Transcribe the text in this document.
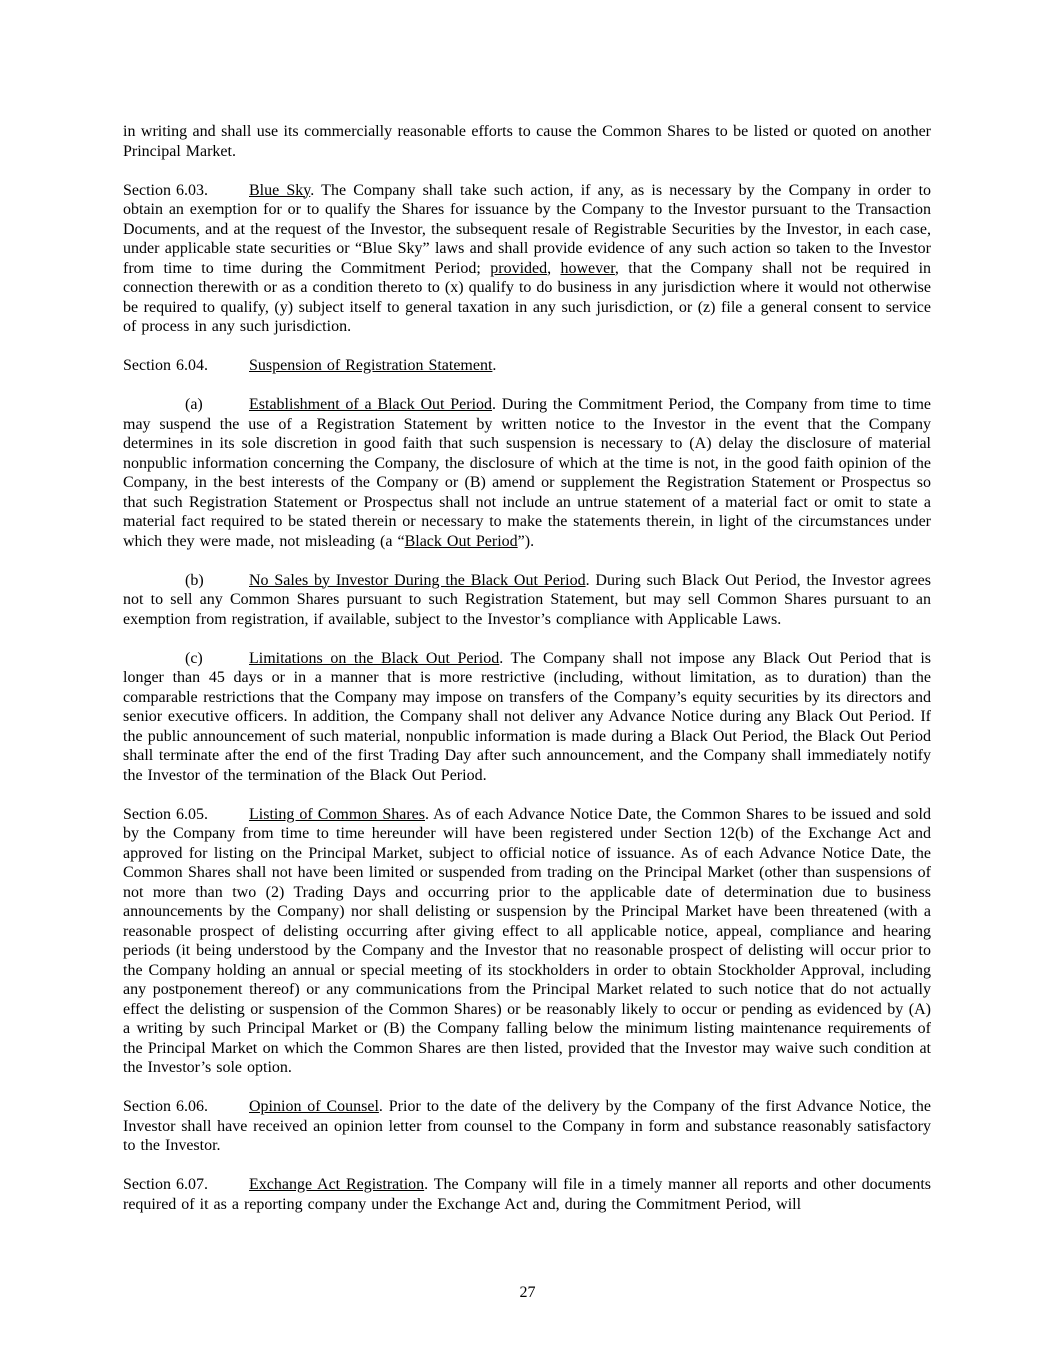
in writing and shall use its commercially reasonable efforts to cause the Common Shares to be listed or quoted on another Principal Market.

Section 6.03.	Blue Sky. The Company shall take such action, if any, as is necessary by the Company in order to obtain an exemption for or to qualify the Shares for issuance by the Company to the Investor pursuant to the Transaction Documents, and at the request of the Investor, the subsequent resale of Registrable Securities by the Investor, in each case, under applicable state securities or “Blue Sky” laws and shall provide evidence of any such action so taken to the Investor from time to time during the Commitment Period; provided, however, that the Company shall not be required in connection therewith or as a condition thereto to (x) qualify to do business in any jurisdiction where it would not otherwise be required to qualify, (y) subject itself to general taxation in any such jurisdiction, or (z) file a general consent to service of process in any such jurisdiction.

Section 6.04.	Suspension of Registration Statement.

(a)	Establishment of a Black Out Period. During the Commitment Period, the Company from time to time may suspend the use of a Registration Statement by written notice to the Investor in the event that the Company determines in its sole discretion in good faith that such suspension is necessary to (A) delay the disclosure of material nonpublic information concerning the Company, the disclosure of which at the time is not, in the good faith opinion of the Company, in the best interests of the Company or (B) amend or supplement the Registration Statement or Prospectus so that such Registration Statement or Prospectus shall not include an untrue statement of a material fact or omit to state a material fact required to be stated therein or necessary to make the statements therein, in light of the circumstances under which they were made, not misleading (a “Black Out Period”).

(b)	No Sales by Investor During the Black Out Period. During such Black Out Period, the Investor agrees not to sell any Common Shares pursuant to such Registration Statement, but may sell Common Shares pursuant to an exemption from registration, if available, subject to the Investor’s compliance with Applicable Laws.

(c)	Limitations on the Black Out Period. The Company shall not impose any Black Out Period that is longer than 45 days or in a manner that is more restrictive (including, without limitation, as to duration) than the comparable restrictions that the Company may impose on transfers of the Company’s equity securities by its directors and senior executive officers. In addition, the Company shall not deliver any Advance Notice during any Black Out Period. If the public announcement of such material, nonpublic information is made during a Black Out Period, the Black Out Period shall terminate after the end of the first Trading Day after such announcement, and the Company shall immediately notify the Investor of the termination of the Black Out Period.

Section 6.05.	Listing of Common Shares. As of each Advance Notice Date, the Common Shares to be issued and sold by the Company from time to time hereunder will have been registered under Section 12(b) of the Exchange Act and approved for listing on the Principal Market, subject to official notice of issuance. As of each Advance Notice Date, the Common Shares shall not have been limited or suspended from trading on the Principal Market (other than suspensions of not more than two (2) Trading Days and occurring prior to the applicable date of determination due to business announcements by the Company) nor shall delisting or suspension by the Principal Market have been threatened (with a reasonable prospect of delisting occurring after giving effect to all applicable notice, appeal, compliance and hearing periods (it being understood by the Company and the Investor that no reasonable prospect of delisting will occur prior to the Company holding an annual or special meeting of its stockholders in order to obtain Stockholder Approval, including any postponement thereof) or any communications from the Principal Market related to such notice that do not actually effect the delisting or suspension of the Common Shares) or be reasonably likely to occur or pending as evidenced by (A) a writing by such Principal Market or (B) the Company falling below the minimum listing maintenance requirements of the Principal Market on which the Common Shares are then listed, provided that the Investor may waive such condition at the Investor’s sole option.

Section 6.06.	Opinion of Counsel. Prior to the date of the delivery by the Company of the first Advance Notice, the Investor shall have received an opinion letter from counsel to the Company in form and substance reasonably satisfactory to the Investor.

Section 6.07.	Exchange Act Registration. The Company will file in a timely manner all reports and other documents required of it as a reporting company under the Exchange Act and, during the Commitment Period, will

27
